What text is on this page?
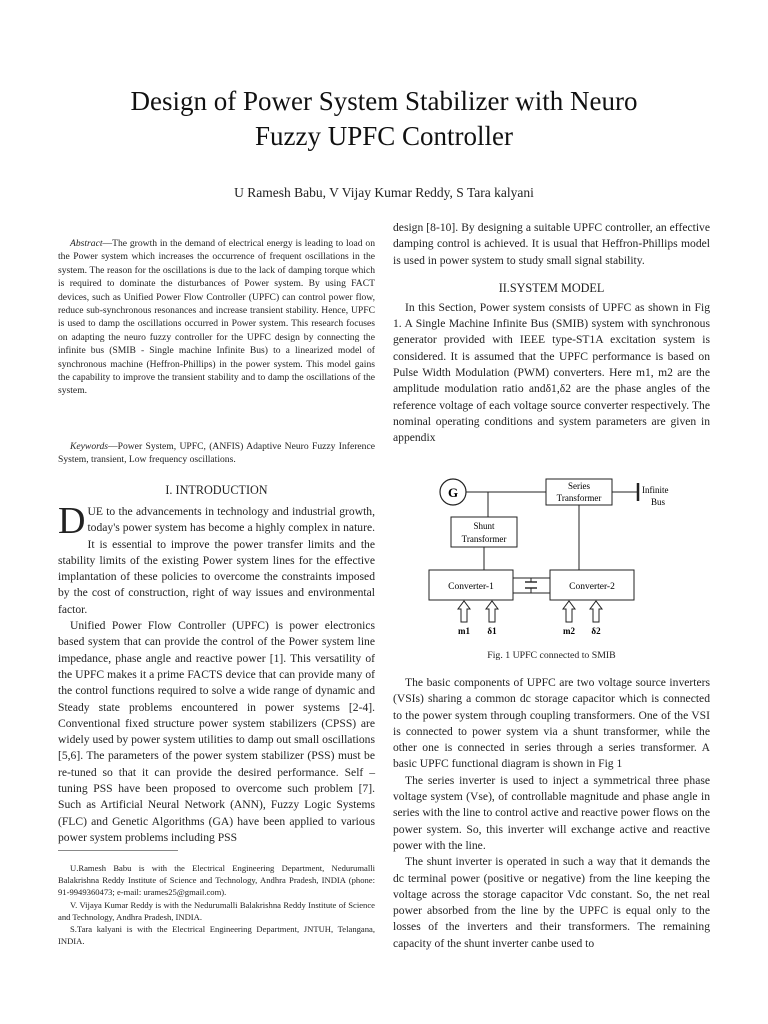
Design of Power System Stabilizer with Neuro
Fuzzy UPFC Controller
U Ramesh Babu, V Vijay Kumar Reddy, S Tara kalyani

Abstract—The growth in the demand of electrical energy is leading to load on the Power system which increases the occurrence of frequent oscillations in the system. The reason for the oscillations is due to the lack of damping torque which is required to dominate the disturbances of Power system. By using FACT devices, such as Unified Power Flow Controller (UPFC) can control power flow, reduce sub-synchronous resonances and increase transient stability. Hence, UPFC is used to damp the oscillations occurred in Power system. This research focuses on adapting the neuro fuzzy controller for the UPFC design by connecting the infinite bus (SMIB - Single machine Infinite Bus) to a linearized model of synchronous machine (Heffron-Phillips) in the power system. This model gains the capability to improve the transient stability and to damp the oscillations of the system.

Keywords—Power System, UPFC, (ANFIS) Adaptive Neuro Fuzzy Inference System, transient, Low frequency oscillations.

I. INTRODUCTION

DUE to the advancements in technology and industrial growth, today's power system has become a highly complex in nature. It is essential to improve the power transfer limits and the stability limits of the existing Power system lines for the effective implantation of these policies to overcome the constraints imposed by the cost of construction, right of way issues and environmental factor.

Unified Power Flow Controller (UPFC) is power electronics based system that can provide the control of the Power system line impedance, phase angle and reactive power [1]. This versatility of the UPFC makes it a prime FACTS device that can provide many of the control functions required to solve a wide range of dynamic and Steady state problems encountered in power systems [2-4]. Conventional fixed structure power system stabilizers (CPSS) are widely used by power system utilities to damp out small oscillations [5,6]. The parameters of the power system stabilizer (PSS) must be re-tuned so that it can provide the desired performance. Self – tuning PSS have been proposed to overcome such problem [7]. Such as Artificial Neural Network (ANN), Fuzzy Logic Systems (FLC) and Genetic Algorithms (GA) have been applied to various power system problems including PSS

U.Ramesh Babu is with the Electrical Engineering Department, Nedurumalli Balakrishna Reddy Institute of Science and Technology, Andhra Pradesh, INDIA (phone: 91-9949360473; e-mail: urames25@gmail.com).

V. Vijaya Kumar Reddy is with the Nedurumalli Balakrishna Reddy Institute of Science and Technology, Andhra Pradesh, INDIA.

S.Tara kalyani is with the Electrical Engineering Department, JNTUH, Telangana, INDIA.

design [8-10]. By designing a suitable UPFC controller, an effective damping control is achieved. It is usual that Heffron-Phillips model is used in power system to study small signal stability.

II.SYSTEM MODEL

In this Section, Power system consists of UPFC as shown in Fig 1. A Single Machine Infinite Bus (SMIB) system with synchronous generator provided with IEEE type-ST1A excitation system is considered. It is assumed that the UPFC performance is based on Pulse Width Modulation (PWM) converters. Here m1, m2 are the amplitude modulation ratio andδ1,δ2 are the phase angles of the reference voltage of each voltage source converter respectively. The nominal operating conditions and system parameters are given in appendix

G	Series
Transformer
Infinite
Bus
Shunt
Transformer
Converter-1	Converter-2
m1 δ1	m2 δ2
Fig. 1 UPFC connected to SMIB

The basic components of UPFC are two voltage source inverters (VSIs) sharing a common dc storage capacitor which is connected to the power system through coupling transformers. One of the VSI is connected to power system via a shunt transformer, while the other one is connected in series through a series transformer. A basic UPFC functional diagram is shown in Fig 1

The series inverter is used to inject a symmetrical three phase voltage system (Vse), of controllable magnitude and phase angle in series with the line to control active and reactive power flows on the power system. So, this inverter will exchange active and reactive power with the line.

The shunt inverter is operated in such a way that it demands the dc terminal power (positive or negative) from the line keeping the voltage across the storage capacitor Vdc constant. So, the net real power absorbed from the line by the UPFC is equal only to the losses of the inverters and their transformers. The remaining capacity of the shunt inverter canbe used to
